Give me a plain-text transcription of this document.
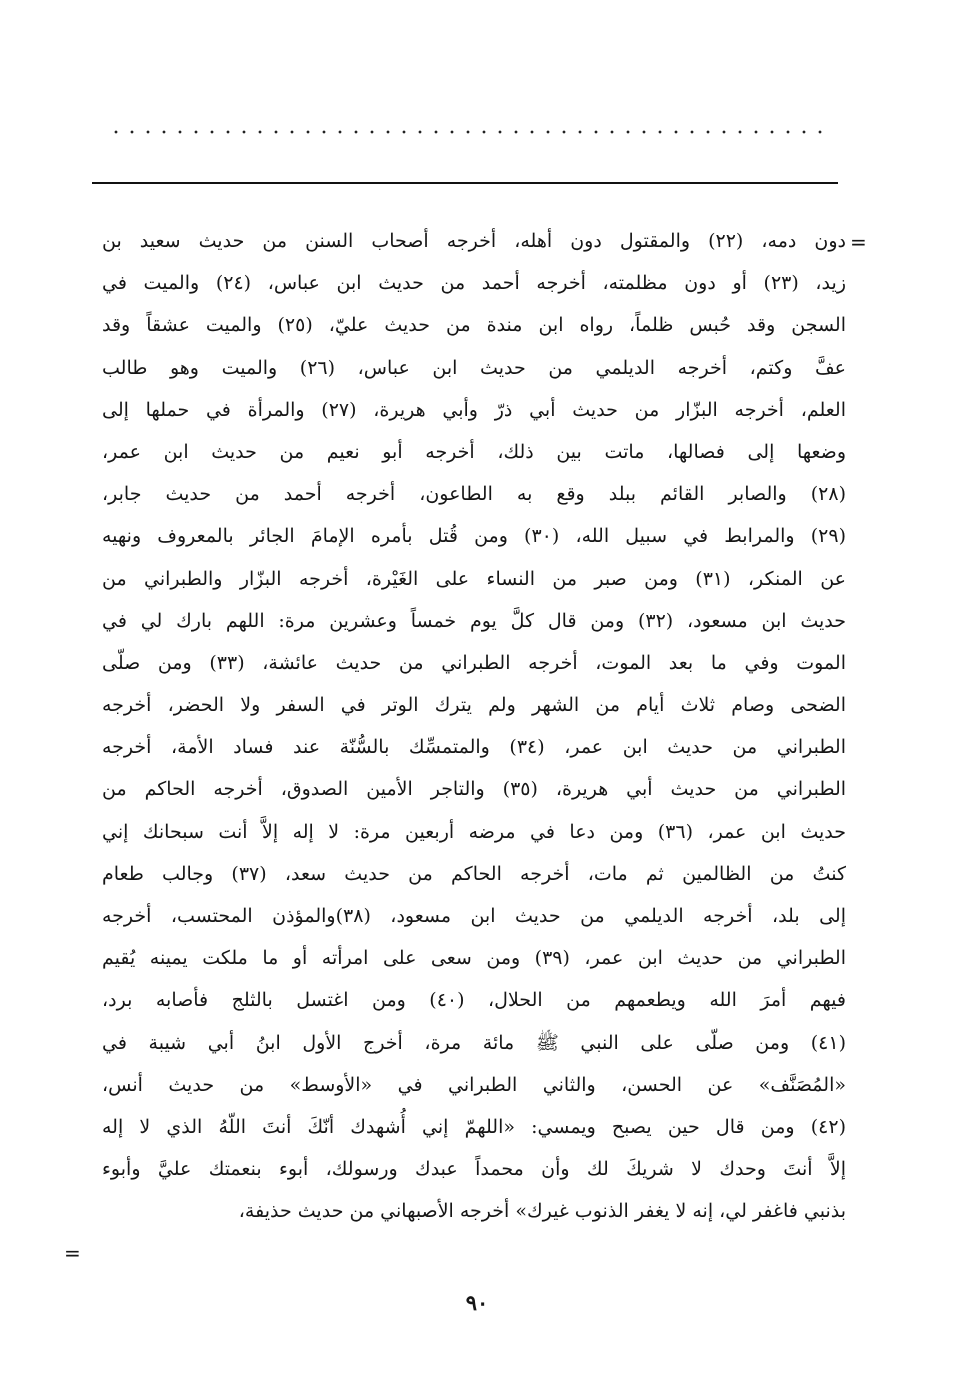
=
دون دمه، (٢٢) والمقتول دون أهله، أخرجه أصحاب السنن من حديث سعيد بن
زيد، (٢٣) أو دون مظلمته، أخرجه أحمد من حديث ابن عباس، (٢٤) والميت في
السجن وقد حُبس ظلماً، رواه ابن مندة من حديث عليّ، (٢٥) والميت عشقاً وقد
عفَّ وكتم، أخرجه الديلمي من حديث ابن عباس، (٢٦) والميت وهو طالب
العلم، أخرجه البزّار من حديث أبي ذرّ وأبي هريرة، (٢٧) والمرأة في حملها إلى
وضعها إلى فصالها، ماتت بين ذلك، أخرجه أبو نعيم من حديث ابن عمر،
(٢٨) والصابر القائم ببلد وقع به الطاعون، أخرجه أحمد من حديث جابر،
(٢٩) والمرابط في سبيل الله، (٣٠) ومن قُتل بأمره الإمامَ الجائر بالمعروف ونهيه
عن المنكر، (٣١) ومن صبر من النساء على الغَيْرة، أخرجه البزّار والطبراني من
حديث ابن مسعود، (٣٢) ومن قال كلَّ يوم خمساً وعشرين مرة: اللهم بارك لي في
الموت وفي ما بعد الموت، أخرجه الطبراني من حديث عائشة، (٣٣) ومن صلّى
الضحى وصام ثلاث أيام من الشهر ولم يترك الوتر في السفر ولا الحضر، أخرجه
الطبراني من حديث ابن عمر، (٣٤) والمتمسِّك بالسُّنّة عند فساد الأمة، أخرجه
الطبراني من حديث أبي هريرة، (٣٥) والتاجر الأمين الصدوق، أخرجه الحاكم من
حديث ابن عمر، (٣٦) ومن دعا في مرضه أربعين مرة: لا إله إلاَّ أنت سبحانك إني
كنتُ من الظالمين ثم مات، أخرجه الحاكم من حديث سعد، (٣٧) وجالب طعام
إلى بلد، أخرجه الديلمي من حديث ابن مسعود، (٣٨)والمؤذن المحتسب، أخرجه
الطبراني من حديث ابن عمر، (٣٩) ومن سعى على امرأته أو ما ملكت يمينه يُقيم
فيهم أمرَ الله ويطعمهم من الحلال، (٤٠) ومن اغتسل بالثلج فأصابه برد،
(٤١) ومن صلّى على النبي ﷺ مائة مرة، أخرج الأول ابنُ أبي شيبة في
«المُصَنَّف» عن الحسن، والثاني الطبراني في «الأوسط» من حديث أنس،
(٤٢) ومن قال حين يصبح ويمسي: «اللهمّ إني أُشهدك أنّكَ أنتَ اللّهُ الذي لا إله
إلاَّ أنتَ وحدك لا شريكَ لك وأن محمداً عبدك ورسولك، أبوء بنعمتك عليَّ وأبوء
بذنبي فاغفر لي، إنه لا يغفر الذنوب غيرك» أخرجه الأصبهاني من حديث حذيفة،
=
٩٠
